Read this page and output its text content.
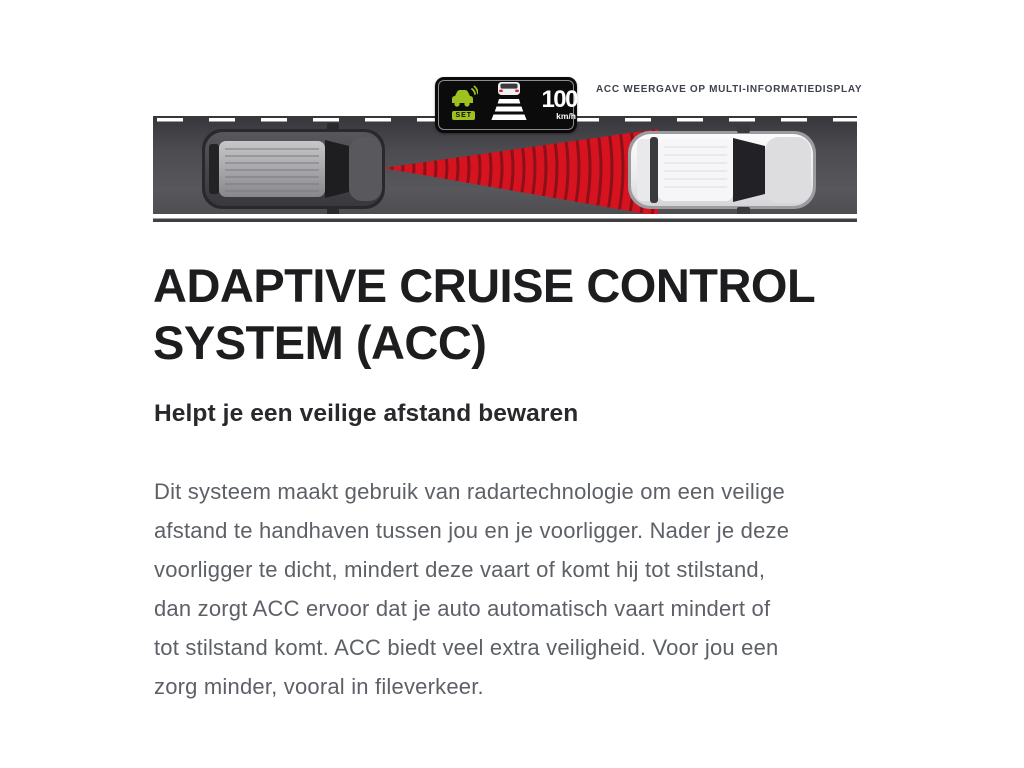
SET
100
km/h
ACC WEERGAVE OP MULTI-INFORMATIEDISPLAY
ADAPTIVE CRUISE CONTROL
SYSTEM (ACC)
Helpt je een veilige afstand bewaren
Dit systeem maakt gebruik van radartechnologie om een veilige
afstand te handhaven tussen jou en je voorligger. Nader je deze
voorligger te dicht, mindert deze vaart of komt hij tot stilstand,
dan zorgt ACC ervoor dat je auto automatisch vaart mindert of
tot stilstand komt. ACC biedt veel extra veiligheid. Voor jou een
zorg minder, vooral in fileverkeer.
